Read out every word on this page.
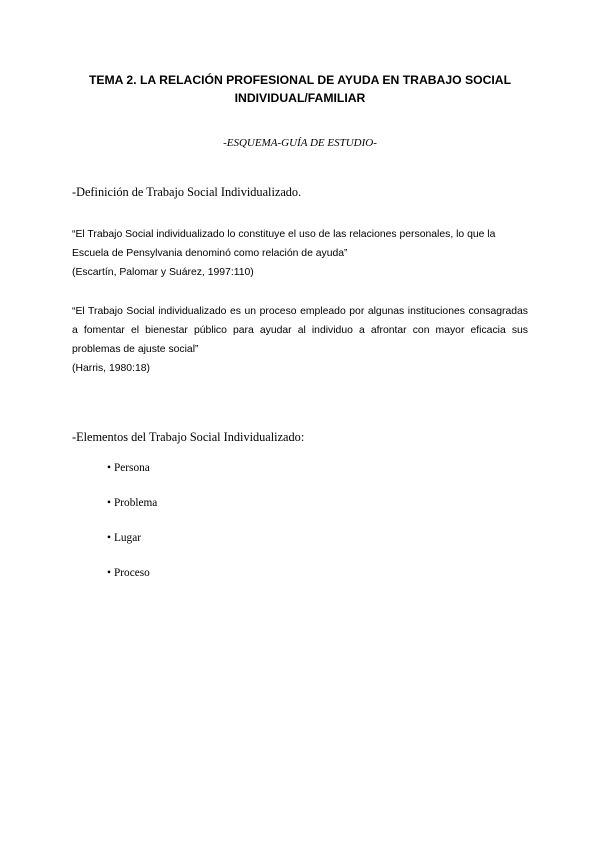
TEMA 2. LA RELACIÓN PROFESIONAL DE AYUDA EN TRABAJO SOCIAL
INDIVIDUAL/FAMILIAR
-ESQUEMA-GUÍA DE ESTUDIO-
-Definición de Trabajo Social Individualizado.
“El Trabajo Social individualizado lo constituye el uso de las relaciones personales, lo que la Escuela de Pensylvania denominó como relación de ayuda”
(Escartín, Palomar y Suárez, 1997:110)
“El Trabajo Social individualizado es un proceso empleado por algunas instituciones consagradas a fomentar el bienestar público para ayudar al individuo a afrontar con mayor eficacia sus problemas de ajuste social”
(Harris, 1980:18)
-Elementos del Trabajo Social Individualizado:
• Persona
• Problema
• Lugar
• Proceso
